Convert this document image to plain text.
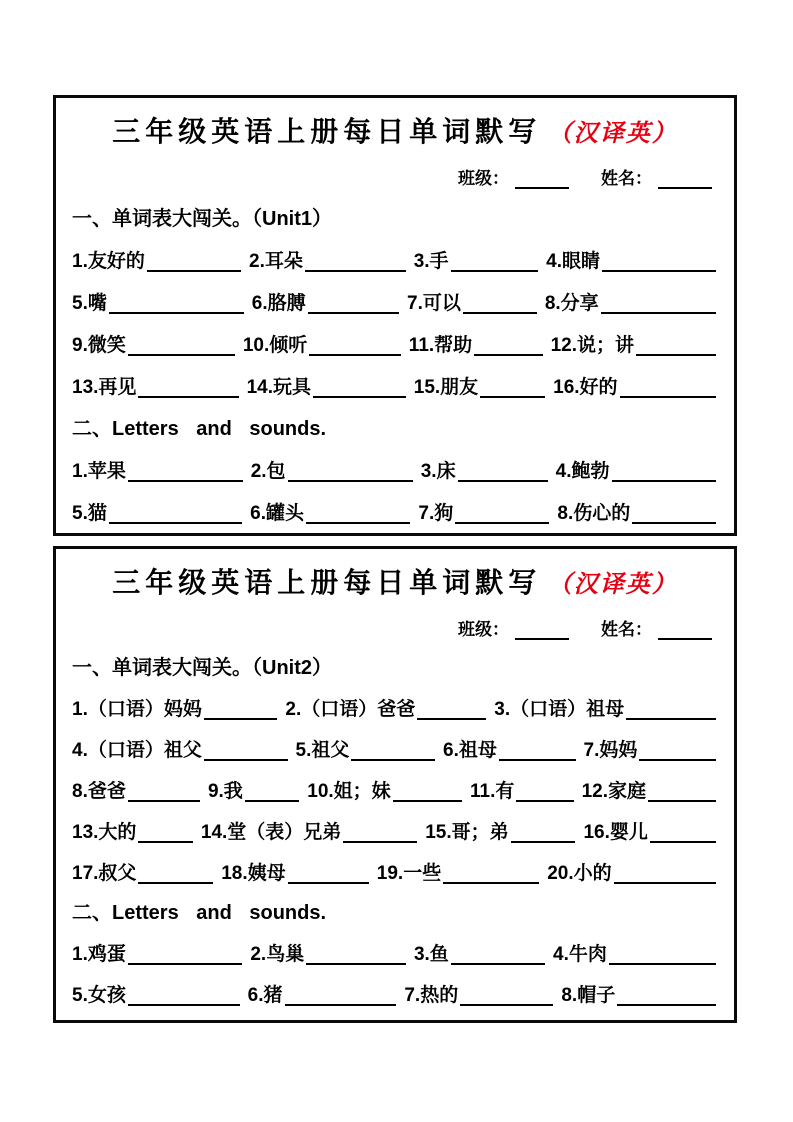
三年级英语上册每日单词默写 （汉译英）
班级：	姓名：
一、单词表大闯关。（Unit1）
1.友好的	2.耳朵	3.手	4.眼睛
5.嘴	6.胳膊	7.可以	8.分享
9.微笑	10.倾听	11.帮助	12.说；讲
13.再见	14.玩具	15.朋友	16.好的
二、Letters and sounds.
1.苹果	2.包	3.床	4.鲍勃
5.猫	6.罐头	7.狗	8.伤心的
三年级英语上册每日单词默写 （汉译英）
班级：	姓名：
一、单词表大闯关。（Unit2）
1.（口语）妈妈	2.（口语）爸爸	3.（口语）祖母
4.（口语）祖父	5.祖父	6.祖母	7.妈妈
8.爸爸	9.我	10.姐；妹	11.有	12.家庭
13.大的	14.堂（表）兄弟	15.哥；弟	16.婴儿
17.叔父	18.姨母	19.一些	20.小的
二、Letters and sounds.
1.鸡蛋	2.鸟巢	3.鱼	4.牛肉
5.女孩	6.猪	7.热的	8.帽子
